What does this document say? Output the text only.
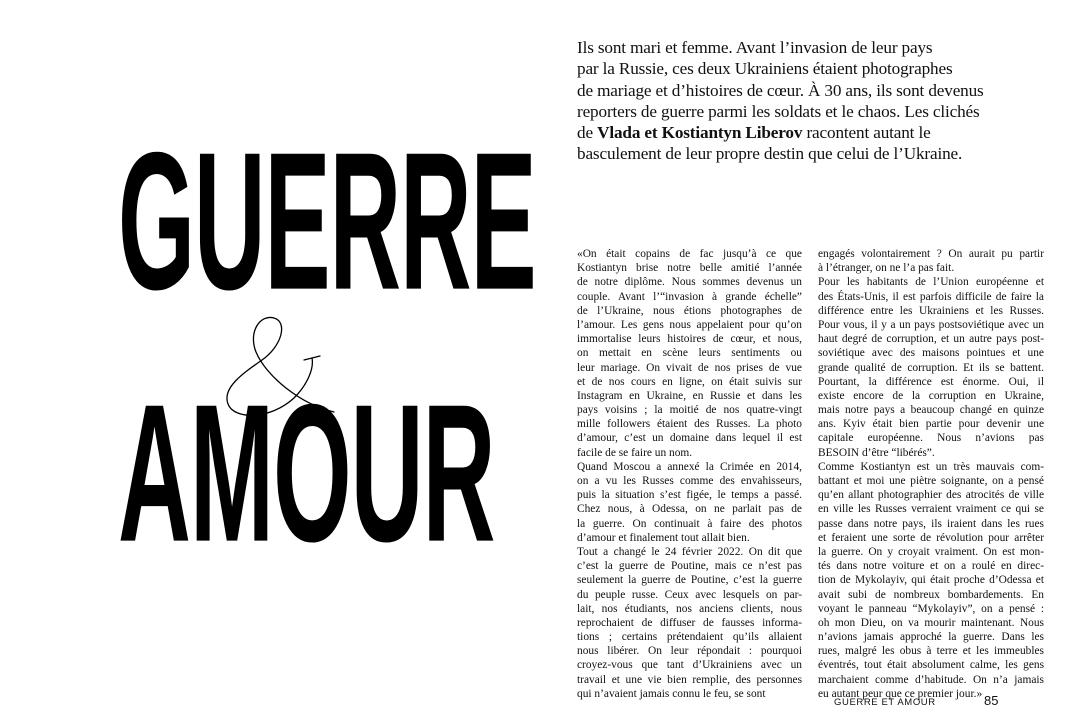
GUERRE
AMOUR
Ils sont mari et femme. Avant l’invasion de leur pays
par la Russie, ces deux Ukrainiens étaient photographes
de mariage et d’histoires de cœur. À 30 ans, ils sont devenus
reporters de guerre parmi les soldats et le chaos. Les clichés
de Vlada et Kostiantyn Liberov racontent autant le
basculement de leur propre destin que celui de l’Ukraine.
«On était copains de fac jusqu’à ce que
Kostiantyn brise notre belle amitié l’année
de notre diplôme. Nous sommes devenus un
couple. Avant l’“invasion à grande échelle”
de l’Ukraine, nous étions photographes de
l’amour. Les gens nous appelaient pour qu’on
immortalise leurs histoires de cœur, et nous,
on mettait en scène leurs sentiments ou
leur mariage. On vivait de nos prises de vue
et de nos cours en ligne, on était suivis sur
Instagram en Ukraine, en Russie et dans les
pays voisins ; la moitié de nos quatre-vingt
mille followers étaient des Russes. La photo
d’amour, c’est un domaine dans lequel il est
facile de se faire un nom.
Quand Moscou a annexé la Crimée en 2014,
on a vu les Russes comme des envahisseurs,
puis la situation s’est figée, le temps a passé.
Chez nous, à Odessa, on ne parlait pas de
la guerre. On continuait à faire des photos
d’amour et finalement tout allait bien.
Tout a changé le 24 février 2022. On dit que
c’est la guerre de Poutine, mais ce n’est pas
seulement la guerre de Poutine, c’est la guerre
du peuple russe. Ceux avec lesquels on par-
lait, nos étudiants, nos anciens clients, nous
reprochaient de diffuser de fausses informa-
tions ; certains prétendaient qu’ils allaient
nous libérer. On leur répondait : pourquoi
croyez-vous que tant d’Ukrainiens avec un
travail et une vie bien remplie, des personnes
qui n’avaient jamais connu le feu, se sont
engagés volontairement ? On aurait pu partir
à l’étranger, on ne l’a pas fait.
Pour les habitants de l’Union européenne et
des États-Unis, il est parfois difficile de faire la
différence entre les Ukrainiens et les Russes.
Pour vous, il y a un pays postsoviétique avec un
haut degré de corruption, et un autre pays post-
soviétique avec des maisons pointues et une
grande qualité de corruption. Et ils se battent.
Pourtant, la différence est énorme. Oui, il
existe encore de la corruption en Ukraine,
mais notre pays a beaucoup changé en quinze
ans. Kyiv était bien partie pour devenir une
capitale européenne. Nous n’avions pas
BESOIN d’être “libérés”.
Comme Kostiantyn est un très mauvais com-
battant et moi une piètre soignante, on a pensé
qu’en allant photographier des atrocités de ville
en ville les Russes verraient vraiment ce qui se
passe dans notre pays, ils iraient dans les rues
et feraient une sorte de révolution pour arrêter
la guerre. On y croyait vraiment. On est mon-
tés dans notre voiture et on a roulé en direc-
tion de Mykolayiv, qui était proche d’Odessa et
avait subi de nombreux bombardements. En
voyant le panneau “Mykolayiv”, on a pensé :
oh mon Dieu, on va mourir maintenant. Nous
n’avions jamais approché la guerre. Dans les
rues, malgré les obus à terre et les immeubles
éventrés, tout était absolument calme, les gens
marchaient comme d’habitude. On n’a jamais
eu autant peur que ce premier jour.»
GUERRE ET AMOUR	85
